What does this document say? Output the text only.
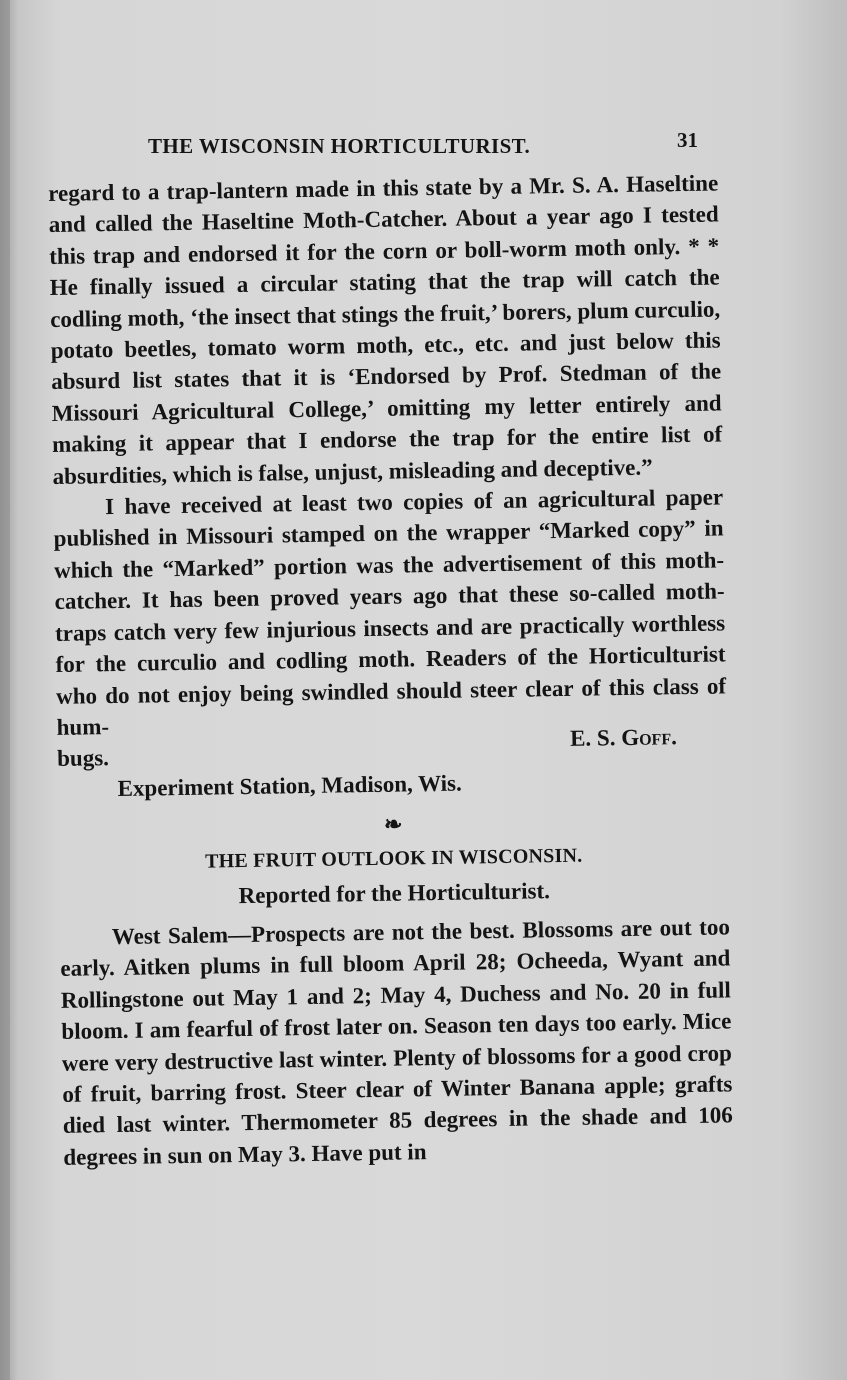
THE WISCONSIN HORTICULTURIST.	31

regard to a trap-lantern made in this state by a Mr. S. A. Haseltine and called the Haseltine Moth-Catcher. About a year ago I tested this trap and endorsed it for the corn or boll-worm moth only. * * He finally issued a circular stating that the trap will catch the codling moth, ‘the insect that stings the fruit,’ borers, plum curculio, potato beetles, tomato worm moth, etc., etc. and just below this absurd list states that it is ‘Endorsed by Prof. Stedman of the Missouri Agricultural College,’ omitting my letter entirely and making it appear that I endorse the trap for the entire list of absurdities, which is false, unjust, misleading and deceptive.”

I have received at least two copies of an agricultural paper published in Missouri stamped on the wrapper “Marked copy” in which the “Marked” portion was the advertisement of this moth-catcher. It has been proved years ago that these so-called moth-traps catch very few injurious insects and are practically worthless for the curculio and codling moth. Readers of the Horticulturist who do not enjoy being swindled should steer clear of this class of hum-

bugs.
E. S. Goff.

Experiment Station, Madison, Wis.

❧
THE FRUIT OUTLOOK IN WISCONSIN.
Reported for the Horticulturist.

West Salem—Prospects are not the best. Blossoms are out too early. Aitken plums in full bloom April 28; Ocheeda, Wyant and Rollingstone out May 1 and 2; May 4, Duchess and No. 20 in full bloom. I am fearful of frost later on. Season ten days too early. Mice were very destructive last winter. Plenty of blossoms for a good crop of fruit, barring frost. Steer clear of Winter Banana apple; grafts died last winter. Thermometer 85 degrees in the shade and 106 degrees in sun on May 3. Have put in
